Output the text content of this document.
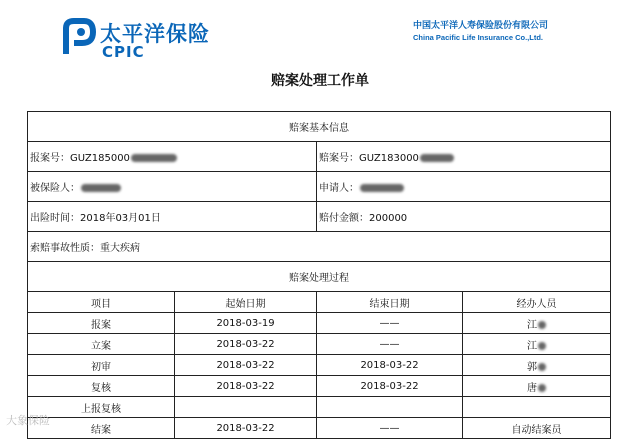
太平洋保险
CPIC
中国太平洋人寿保险股份有限公司
China Pacific Life Insurance Co.,Ltd.
赔案处理工作单
赔案基本信息			
报案号：GUZ185000		赔案号：GUZ183000	
被保险人：		申请人：	
出险时间：2018年03月01日		赔付金额：200000	
索赔事故性质：重大疾病			
赔案处理过程			
项目	起始日期	结束日期	经办人员
报案	2018-03-19	——	江
立案	2018-03-22	——	江
初审	2018-03-22	2018-03-22	郭
复核	2018-03-22	2018-03-22	唐
上报复核			
结案	2018-03-22	——	自动结案员
大象保险
